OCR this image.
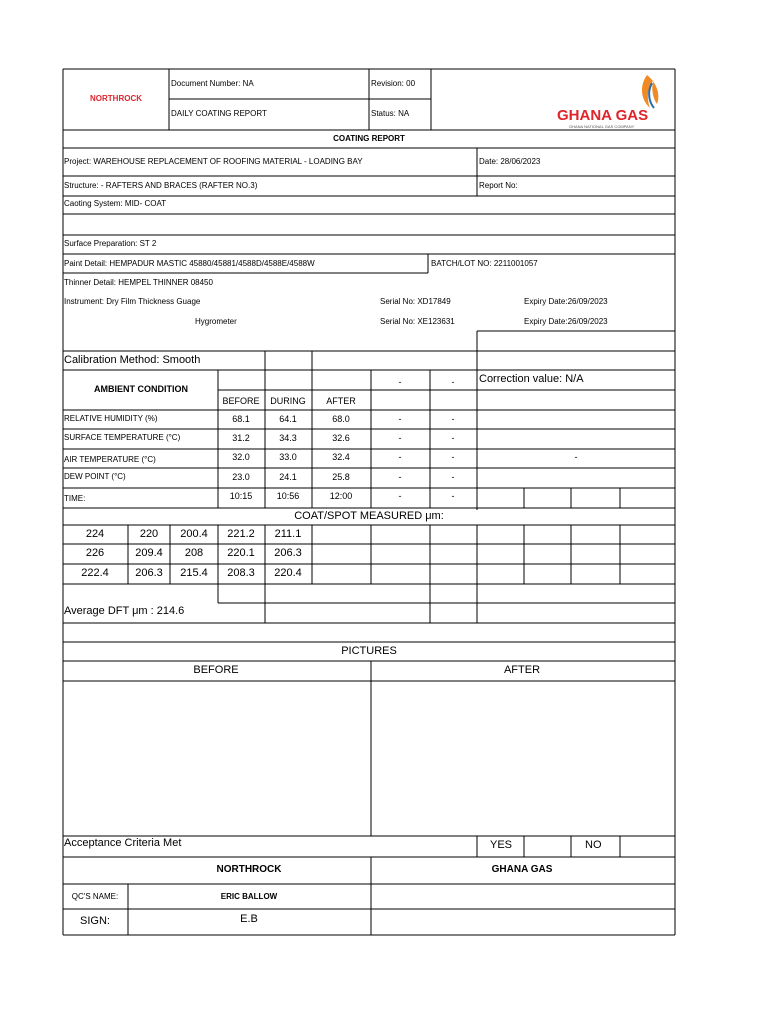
NORTHROCK
Document Number: NA	Revision: 00
DAILY COATING REPORT	Status: NA	GHANA GAS
GHANA NATIONAL GAS COMPANY
COATING REPORT
Project: WAREHOUSE REPLACEMENT OF ROOFING MATERIAL - LOADING BAY	Date: 28/06/2023
Structure: - RAFTERS AND BRACES (RAFTER NO.3)	Report No:
Caoting System: MID- COAT
Surface Preparation: ST 2
Paint Detail: HEMPADUR MASTIC 45880/45881/4588D/4588E/4588W	BATCH/LOT NO: 2211001057
Thinner Detail: HEMPEL THINNER 08450
Instrument: Dry Film Thickness Guage	Serial No: XD17849	Expiry Date:26/09/2023
Hygrometer	Serial No: XE123631	Expiry Date:26/09/2023
Calibration Method: Smooth
Correction value: N/A
AMBIENT CONDITION
BEFORE DURING AFTER
-	-
RELATIVE HUMIDITY (%)	68.1	64.1	68.0	-	-
SURFACE TEMPERATURE (°C)	31.2	34.3	32.6	-	-
AIR TEMPERATURE (°C)	32.0	33.0	32.4	-	-	-
DEW POINT (°C)	23.0	24.1	25.8	-	-
TIME:	10:15	10:56	12:00	-	-
COAT/SPOT MEASURED μm:
224	220 200.4 221.2 211.1
226	209.4 208 220.1 206.3
222.4 206.3 215.4 208.3 220.4
Average DFT μm : 214.6
PICTURES
BEFORE	AFTER
Acceptance Criteria Met	YES	NO
NORTHROCK	GHANA GAS
QC'S NAME:	ERIC BALLOW
SIGN:	E.B
